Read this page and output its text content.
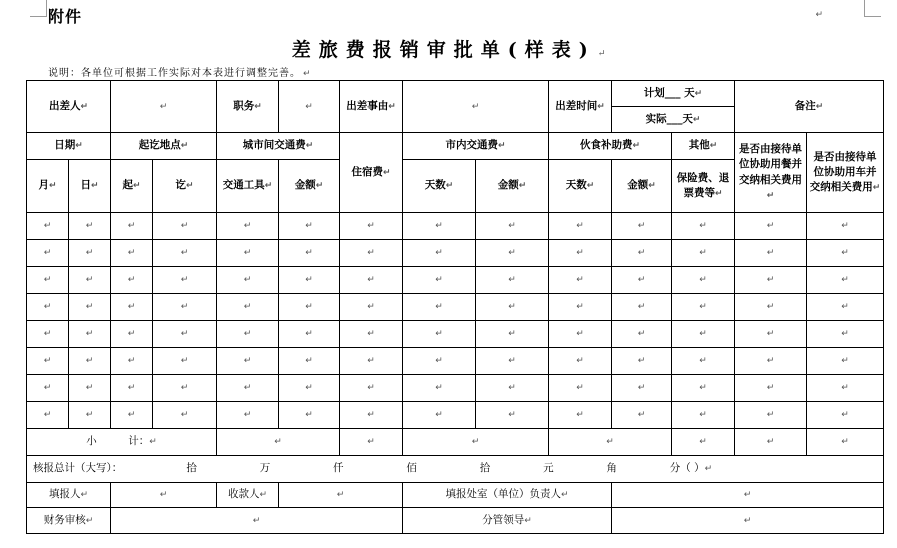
↵
附件
差旅费报销审批单(样表) ↵
说明：各单位可根据工作实际对本表进行调整完善。 ↵
出差人↵		↵		职务↵	↵	出差事由↵	↵		出差时间↵	计划___ 天↵		备注↵	
										实际___天↵			
日期↵		起讫地点↵		城市间交通费↵		住宿费↵	市内交通费↵		伙食补助费↵		其他↵	是否由接待单位协助用餐并交纳相关费用↵	是否由接待单位协助用车并交纳相关费用↵
月↵	日↵	起↵	讫↵	交通工具↵	金额↵		天数↵	金额↵	天数↵	金额↵	保险费、退票费等↵		
↵	↵	↵	↵	↵	↵	↵	↵	↵	↵	↵	↵	↵	↵
↵	↵	↵	↵	↵	↵	↵	↵	↵	↵	↵	↵	↵	↵
↵	↵	↵	↵	↵	↵	↵	↵	↵	↵	↵	↵	↵	↵
↵	↵	↵	↵	↵	↵	↵	↵	↵	↵	↵	↵	↵	↵
↵	↵	↵	↵	↵	↵	↵	↵	↵	↵	↵	↵	↵	↵
↵	↵	↵	↵	↵	↵	↵	↵	↵	↵	↵	↵	↵	↵
↵	↵	↵	↵	↵	↵	↵	↵	↵	↵	↵	↵	↵	↵
↵	↵	↵	↵	↵	↵	↵	↵	↵	↵	↵	↵	↵	↵
小　　　计：↵				↵		↵	↵		↵		↵	↵	↵
核报总计（大写）： 拾 万 仟 佰 拾 元 角 分（ ）↵													
填报人↵		↵		收款人↵	↵		填报处室（单位）负责人↵			↵			
财务审核↵		↵					分管领导↵			↵			
